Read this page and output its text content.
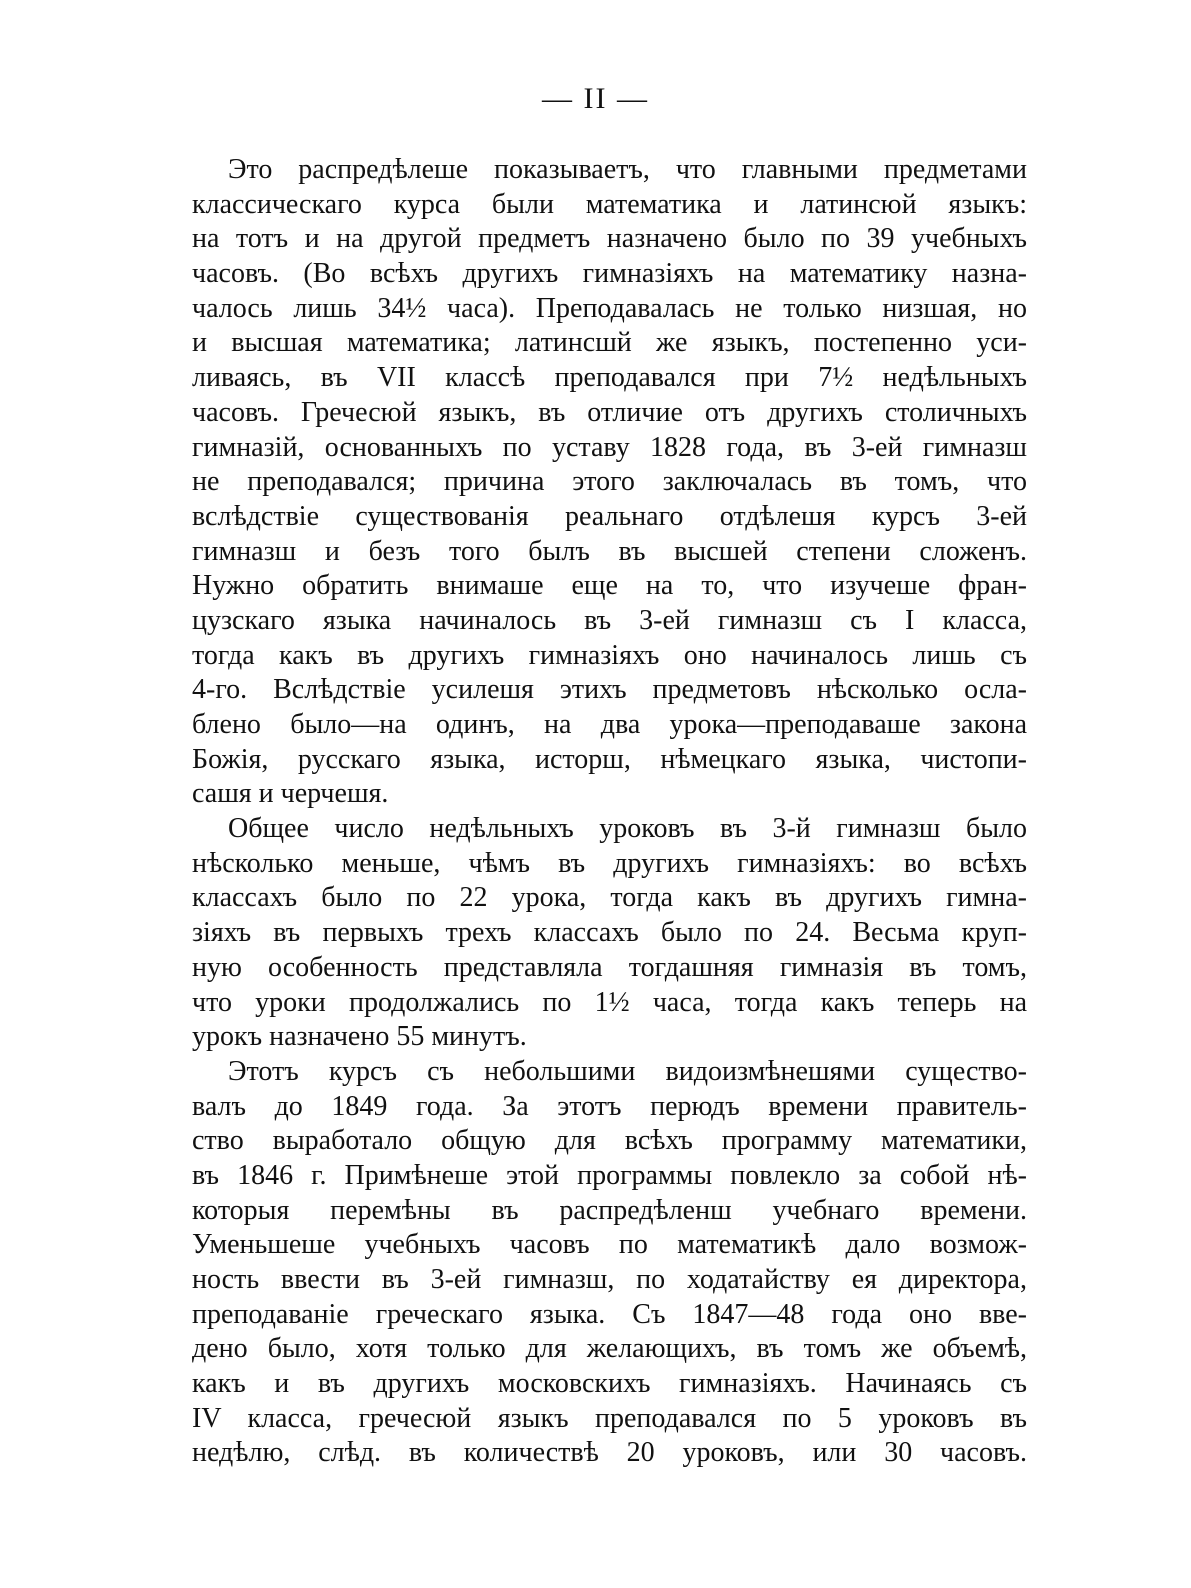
— II —
Это распредѣлеше показываетъ, что главными предметами
классическаго курса были математика и латинсюй языкъ:
на тотъ и на другой предметъ назначено было по 39 учебныхъ
часовъ. (Во всѣхъ другихъ гимназіяхъ на математику назна-
чалось лишь 34½ часа). Преподавалась не только низшая, но
и высшая математика; латинсшй же языкъ, постепенно уси-
ливаясь, въ VII классѣ преподавался при 7½ недѣльныхъ
часовъ. Гречесюй языкъ, въ отличие отъ другихъ столичныхъ
гимназій, основанныхъ по уставу 1828 года, въ 3-ей гимназш
не преподавался; причина этого заключалась въ томъ, что
вслѣдствіе существованія реальнаго отдѣлешя курсъ 3-ей
гимназш и безъ того былъ въ высшей степени сложенъ.
Нужно обратить внимаше еще на то, что изучеше фран-
цузскаго языка начиналось въ 3-ей гимназш съ I класса,
тогда какъ въ другихъ гимназіяхъ оно начиналось лишь съ
4-го. Вслѣдствіе усилешя этихъ предметовъ нѣсколько осла-
блено было—на одинъ, на два урока—преподаваше закона
Божія, русскаго языка, исторш, нѣмецкаго языка, чистопи-
сашя и черчешя.
Общее число недѣльныхъ уроковъ въ 3-й гимназш было
нѣсколько меньше, чѣмъ въ другихъ гимназіяхъ: во всѣхъ
классахъ было по 22 урока, тогда какъ въ другихъ гимна-
зіяхъ въ первыхъ трехъ классахъ было по 24. Весьма круп-
ную особенность представляла тогдашняя гимназія въ томъ,
что уроки продолжались по 1½ часа, тогда какъ теперь на
урокъ назначено 55 минутъ.
Этотъ курсъ съ небольшими видоизмѣнешями существо-
валъ до 1849 года. За этотъ перюдъ времени правитель-
ство выработало общую для всѣхъ программу математики,
въ 1846 г. Примѣнеше этой программы повлекло за собой нѣ-
которыя перемѣны въ распредѣленш учебнаго времени.
Уменьшеше учебныхъ часовъ по математикѣ дало возмож-
ность ввести въ 3-ей гимназш, по ходатайству ея директора,
преподаваніе греческаго языка. Съ 1847—48 года оно вве-
дено было, хотя только для желающихъ, въ томъ же объемѣ,
какъ и въ другихъ московскихъ гимназіяхъ. Начинаясь съ
IV класса, гречесюй языкъ преподавался по 5 уроковъ въ
недѣлю, слѣд. въ количествѣ 20 уроковъ, или 30 часовъ.
